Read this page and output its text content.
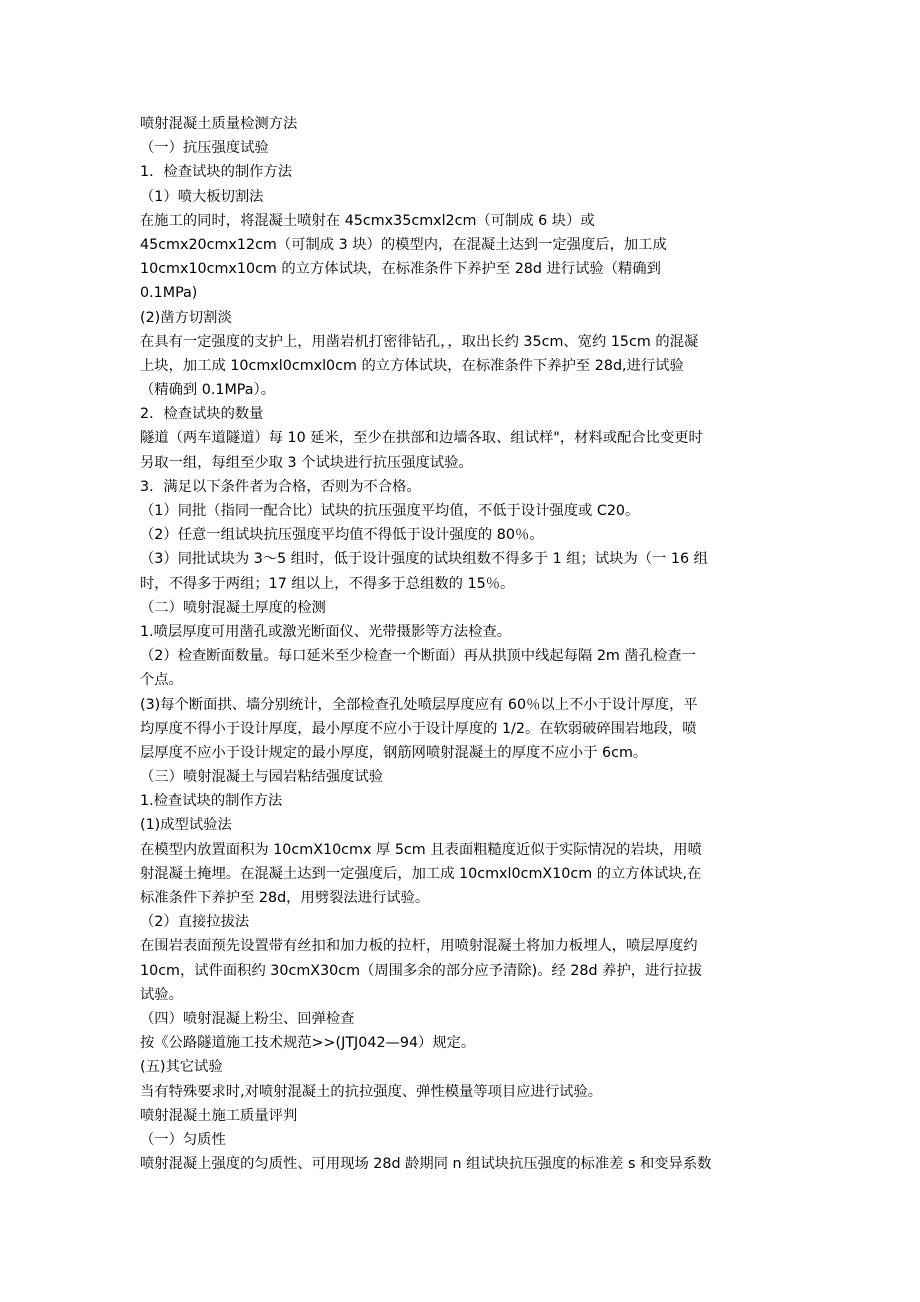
喷射混凝土质量检测方法
（一）抗压强度试验
1．检查试块的制作方法
（1）喷大板切割法
在施工的同时，将混凝土喷射在 45cmx35cmxl2cm（可制成 6 块）或
45cmx20cmx12cm（可制成 3 块）的模型内，在混凝土达到一定强度后，加工成
10cmx10cmx10cm 的立方体试块，在标准条件下养护至 28d 进行试验（精确到
0.1MPa)
(2)凿方切割淡
在具有一定强度的支护上，用凿岩机打密徘钻孔，，取出长约 35cm、宽约 15cm 的混凝
上块，加工成 10cmxl0cmxl0cm 的立方体试块，在标准条件下养护至 28d,进行试验
（精确到 0.1MPa）。
2．检查试块的数量
隧道（两车道隧道）每 10 延米，至少在拱部和边墙各取、组试样"，材料或配合比变更时
另取一组，每组至少取 3 个试块进行抗压强度试验。
3．满足以下条件者为合格，否则为不合格。
（1）同批（指同一配合比）试块的抗压强度平均值，不低于设计强度或 C20。
（2）任意一组试块抗压强度平均值不得低于设计强度的 80％。
（3）同批试块为 3～5 组时，低于设计强度的试块组数不得多于 1 组；试块为（一 16 组
时，不得多于两组；17 组以上，不得多于总组数的 15％。
（二）喷射混凝土厚度的检测
1.喷层厚度可用凿孔或激光断面仪、光带摄影等方法检查。
（2）检查断面数量。每口延米至少检查一个断面）再从拱顶中线起每隔 2m 凿孔检查一
个点。
(3)每个断面拱、墙分别统计，全部检查孔处喷层厚度应有 60％以上不小于设计厚度，平
均厚度不得小于设计厚度，最小厚度不应小于设计厚度的 1/2。在软弱破碎围岩地段，喷
层厚度不应小于设计规定的最小厚度，钢筋网喷射混凝土的厚度不应小于 6cm。
（三）喷射混凝土与园岩粘结强度试验
1.检查试块的制作方法
(1)成型试验法
在模型内放置面积为 10cmX10cmx 厚 5cm 且表面粗糙度近似于实际情况的岩块，用喷
射混凝土掩埋。在混凝土达到一定强度后，加工成 10cmxl0cmX10cm 的立方体试块,在
标准条件下养护至 28d，用劈裂法进行试验。
（2）直接拉拔法
在围岩表面预先设置带有丝扣和加力板的拉杆，用喷射混凝土将加力板埋人，喷层厚度约
10cm，试件面积约 30cmX30cm（周围多余的部分应予清除)。经 28d 养护，进行拉拔
试验。
（四）喷射混凝上粉尘、回弹检查
按《公路隧道施工技术规范>>(JTJ042—94）规定。
(五)其它试验
当有特殊要求时,对喷射混凝土的抗拉强度、弹性模量等项目应进行试验。
喷射混凝土施工质量评判
（一）匀质性
喷射混凝上强度的匀质性、可用现场 28d 龄期同 n 组试块抗压强度的标准差 s 和变异系数
